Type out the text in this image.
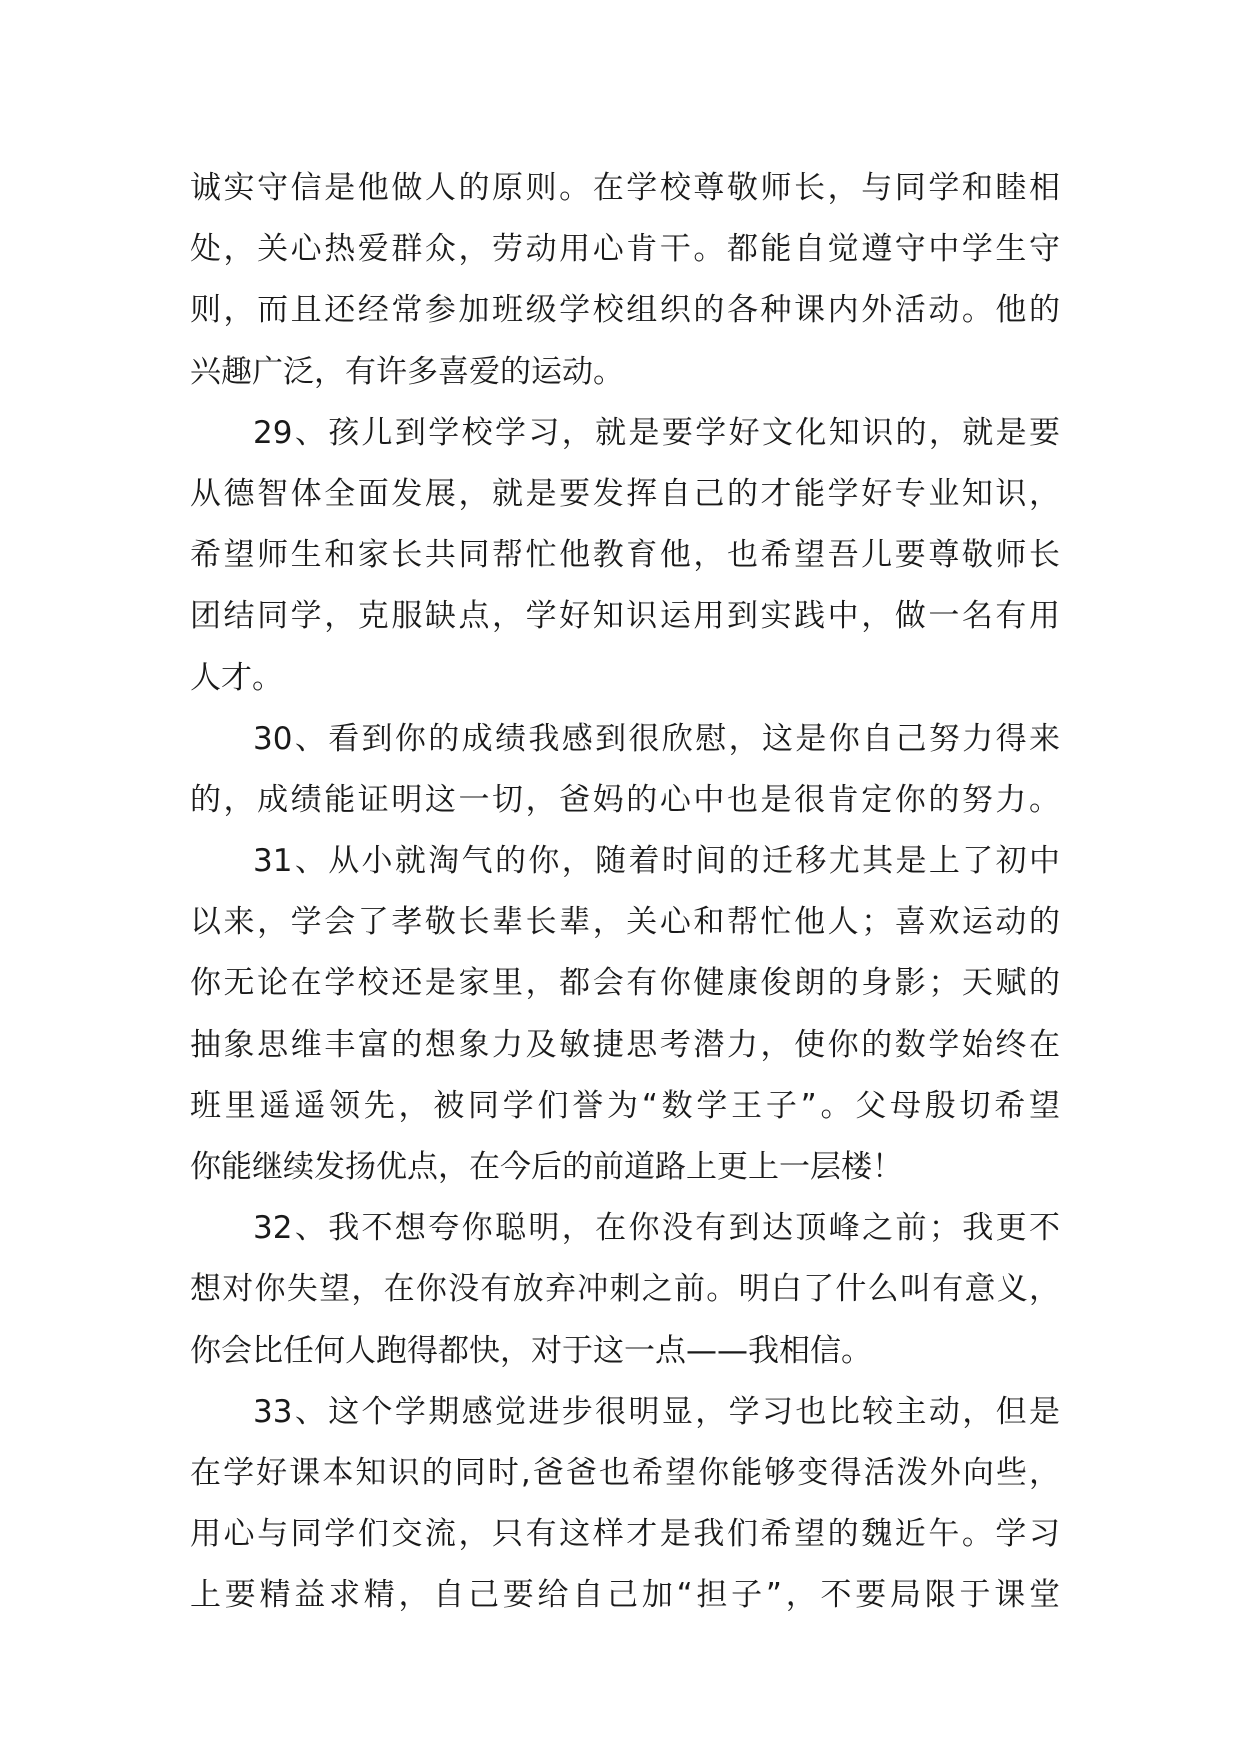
诚实守信是他做人的原则。在学校尊敬师长，与同学和睦相
处，关心热爱群众，劳动用心肯干。都能自觉遵守中学生守
则，而且还经常参加班级学校组织的各种课内外活动。他的
兴趣广泛，有许多喜爱的运动。
29、孩儿到学校学习，就是要学好文化知识的，就是要
从德智体全面发展，就是要发挥自己的才能学好专业知识，
希望师生和家长共同帮忙他教育他，也希望吾儿要尊敬师长
团结同学，克服缺点，学好知识运用到实践中，做一名有用
人才。
30、看到你的成绩我感到很欣慰，这是你自己努力得来
的，成绩能证明这一切，爸妈的心中也是很肯定你的努力。
31、从小就淘气的你，随着时间的迁移尤其是上了初中
以来，学会了孝敬长辈长辈，关心和帮忙他人；喜欢运动的
你无论在学校还是家里，都会有你健康俊朗的身影；天赋的
抽象思维丰富的想象力及敏捷思考潜力，使你的数学始终在
班里遥遥领先，被同学们誉为“数学王子”。父母殷切希望
你能继续发扬优点，在今后的前道路上更上一层楼！
32、我不想夸你聪明，在你没有到达顶峰之前；我更不
想对你失望，在你没有放弃冲刺之前。明白了什么叫有意义，
你会比任何人跑得都快，对于这一点——我相信。
33、这个学期感觉进步很明显，学习也比较主动，但是
在学好课本知识的同时,爸爸也希望你能够变得活泼外向些，
用心与同学们交流，只有这样才是我们希望的魏近午。学习
上要精益求精，自己要给自己加“担子”，不要局限于课堂
